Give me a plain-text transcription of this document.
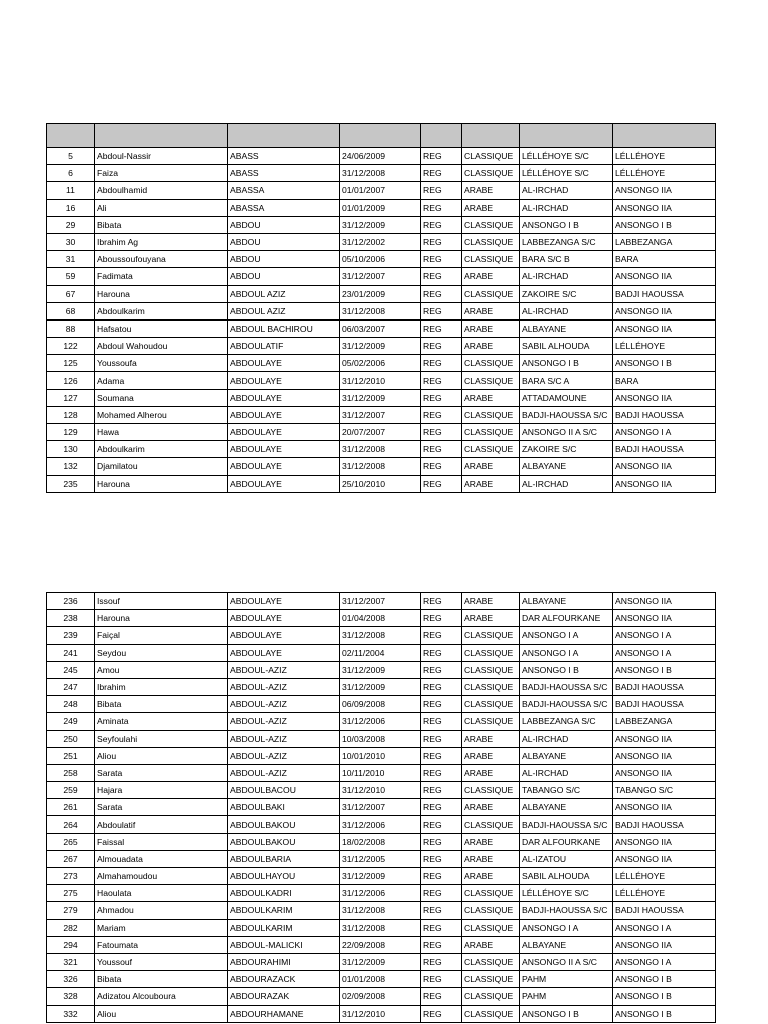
5	Abdoul-Nassir	ABASS	24/06/2009	REG	CLASSIQUE	LÉLLÉHOYE S/C	LÉLLÉHOYE
6	Faiza	ABASS	31/12/2008	REG	CLASSIQUE	LÉLLÉHOYE S/C	LÉLLÉHOYE
11	Abdoulhamid	ABASSA	01/01/2007	REG	ARABE	AL-IRCHAD	ANSONGO IIA
16	Ali	ABASSA	01/01/2009	REG	ARABE	AL-IRCHAD	ANSONGO IIA
29	Bibata	ABDOU	31/12/2009	REG	CLASSIQUE	ANSONGO I B	ANSONGO I B
30	Ibrahim Ag	ABDOU	31/12/2002	REG	CLASSIQUE	LABBEZANGA S/C	LABBEZANGA
31	Aboussoufouyana	ABDOU	05/10/2006	REG	CLASSIQUE	BARA S/C B	BARA
59	Fadimata	ABDOU	31/12/2007	REG	ARABE	AL-IRCHAD	ANSONGO IIA
67	Harouna	ABDOUL AZIZ	23/01/2009	REG	CLASSIQUE	ZAKOIRE S/C	BADJI HAOUSSA
68	Abdoulkarim	ABDOUL AZIZ	31/12/2008	REG	ARABE	AL-IRCHAD	ANSONGO IIA
88	Hafsatou	ABDOUL BACHIROU	06/03/2007	REG	ARABE	ALBAYANE	ANSONGO IIA
122	Abdoul Wahoudou	ABDOULATIF	31/12/2009	REG	ARABE	SABIL ALHOUDA	LÉLLÉHOYE
125	Youssoufa	ABDOULAYE	05/02/2006	REG	CLASSIQUE	ANSONGO I B	ANSONGO I B
126	Adama	ABDOULAYE	31/12/2010	REG	CLASSIQUE	BARA S/C A	BARA
127	Soumana	ABDOULAYE	31/12/2009	REG	ARABE	ATTADAMOUNE	ANSONGO IIA
128	Mohamed Alherou	ABDOULAYE	31/12/2007	REG	CLASSIQUE	BADJI-HAOUSSA S/C	BADJI HAOUSSA
129	Hawa	ABDOULAYE	20/07/2007	REG	CLASSIQUE	ANSONGO II A S/C	ANSONGO I A
130	Abdoulkarim	ABDOULAYE	31/12/2008	REG	CLASSIQUE	ZAKOIRE S/C	BADJI HAOUSSA
132	Djamilatou	ABDOULAYE	31/12/2008	REG	ARABE	ALBAYANE	ANSONGO IIA
235	Harouna	ABDOULAYE	25/10/2010	REG	ARABE	AL-IRCHAD	ANSONGO IIA
236	Issouf	ABDOULAYE	31/12/2007	REG	ARABE	ALBAYANE	ANSONGO IIA
238	Harouna	ABDOULAYE	01/04/2008	REG	ARABE	DAR ALFOURKANE	ANSONGO IIA
239	Faiçal	ABDOULAYE	31/12/2008	REG	CLASSIQUE	ANSONGO I A	ANSONGO I A
241	Seydou	ABDOULAYE	02/11/2004	REG	CLASSIQUE	ANSONGO I A	ANSONGO I A
245	Amou	ABDOUL-AZIZ	31/12/2009	REG	CLASSIQUE	ANSONGO I B	ANSONGO I B
247	Ibrahim	ABDOUL-AZIZ	31/12/2009	REG	CLASSIQUE	BADJI-HAOUSSA S/C	BADJI HAOUSSA
248	Bibata	ABDOUL-AZIZ	06/09/2008	REG	CLASSIQUE	BADJI-HAOUSSA S/C	BADJI HAOUSSA
249	Aminata	ABDOUL-AZIZ	31/12/2006	REG	CLASSIQUE	LABBEZANGA S/C	LABBEZANGA
250	Seyfoulahi	ABDOUL-AZIZ	10/03/2008	REG	ARABE	AL-IRCHAD	ANSONGO IIA
251	Aliou	ABDOUL-AZIZ	10/01/2010	REG	ARABE	ALBAYANE	ANSONGO IIA
258	Sarata	ABDOUL-AZIZ	10/11/2010	REG	ARABE	AL-IRCHAD	ANSONGO IIA
259	Hajara	ABDOULBACOU	31/12/2010	REG	CLASSIQUE	TABANGO S/C	TABANGO S/C
261	Sarata	ABDOULBAKI	31/12/2007	REG	ARABE	ALBAYANE	ANSONGO IIA
264	Abdoulatif	ABDOULBAKOU	31/12/2006	REG	CLASSIQUE	BADJI-HAOUSSA S/C	BADJI HAOUSSA
265	Faissal	ABDOULBAKOU	18/02/2008	REG	ARABE	DAR ALFOURKANE	ANSONGO IIA
267	Almouadata	ABDOULBARIA	31/12/2005	REG	ARABE	AL-IZATOU	ANSONGO IIA
273	Almahamoudou	ABDOULHAYOU	31/12/2009	REG	ARABE	SABIL ALHOUDA	LÉLLÉHOYE
275	Haoulata	ABDOULKADRI	31/12/2006	REG	CLASSIQUE	LÉLLÉHOYE S/C	LÉLLÉHOYE
279	Ahmadou	ABDOULKARIM	31/12/2008	REG	CLASSIQUE	BADJI-HAOUSSA S/C	BADJI HAOUSSA
282	Mariam	ABDOULKARIM	31/12/2008	REG	CLASSIQUE	ANSONGO I A	ANSONGO I A
294	Fatoumata	ABDOUL-MALICKI	22/09/2008	REG	ARABE	ALBAYANE	ANSONGO IIA
321	Youssouf	ABDOURAHIMI	31/12/2009	REG	CLASSIQUE	ANSONGO II A S/C	ANSONGO I A
326	Bibata	ABDOURAZACK	01/01/2008	REG	CLASSIQUE	PAHM	ANSONGO I B
328	Adizatou Alcouboura	ABDOURAZAK	02/09/2008	REG	CLASSIQUE	PAHM	ANSONGO I B
332	Aliou	ABDOURHAMANE	31/12/2010	REG	CLASSIQUE	ANSONGO I B	ANSONGO I B
